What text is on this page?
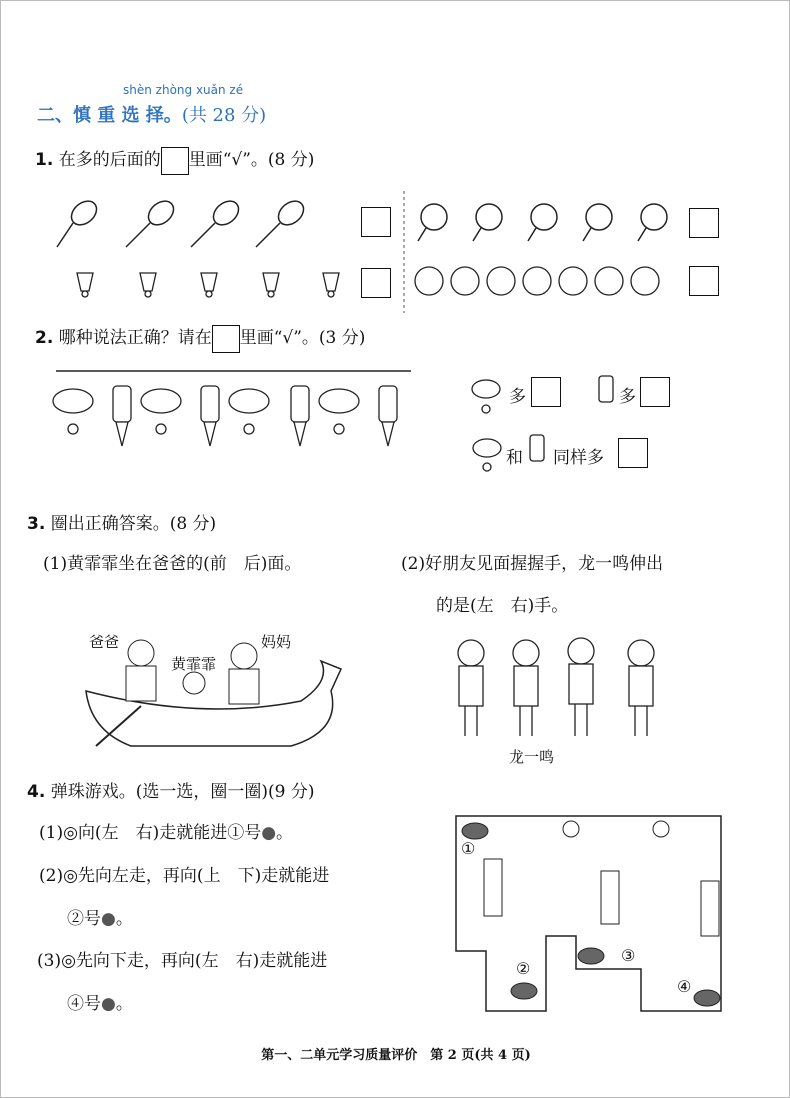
shèn zhòng xuǎn zé
二、慎 重 选 择。(共 28 分)
1. 在多的后面的 里画“√”。(8 分)
2. 哪种说法正确？请在 里画“√”。(3 分)
多	多
和 同样多
3. 圈出正确答案。(8 分)
(1)黄霏霏坐在爸爸的(前　后)面。	(2)好朋友见面握握手，龙一鸣伸出
的是(左　右)手。
爸爸
黄霏霏
妈妈
龙一鸣
4. 弹珠游戏。(选一选，圈一圈)(9 分)
(1)◎向(左　右)走就能进①号●。
(2)◎先向左走，再向(上　下)走就能进
②号●。
(3)◎先向下走，再向(左　右)走就能进
④号●。
①
②
③
④
第一、二单元学习质量评价　第 2 页(共 4 页)
